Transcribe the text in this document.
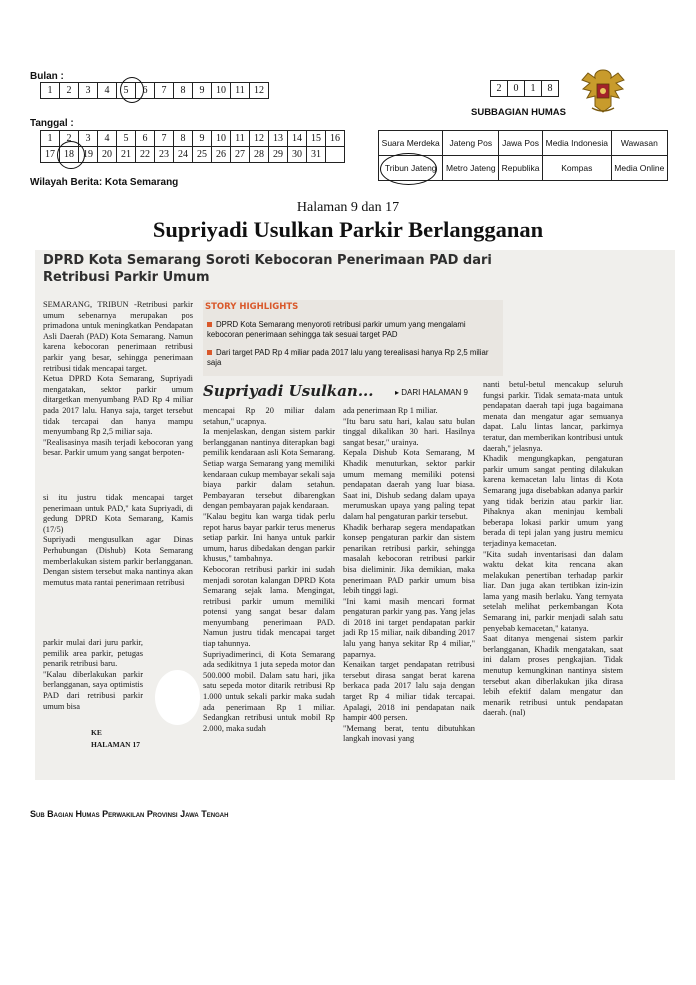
Bulan :
1	2	3	4	5	6	7	8	9	10	11	12
Tanggal :
1	2	3	4	5	6	7	8	9	10	11	12	13	14	15	16
17	18	19	20	21	22	23	24	25	26	27	28	29	30	31	
Wilayah Berita: Kota Semarang
2	0	1	8
SUBBAGIAN HUMAS
Suara Merdeka	Jateng Pos	Jawa Pos	Media Indonesia	Wawasan
Tribun Jateng	Metro Jateng	Republika	Kompas	Media Online
Halaman 9 dan 17
Supriyadi Usulkan Parkir Berlangganan
DPRD Kota Semarang Soroti Kebocoran Penerimaan PAD dari Retribusi Parkir Umum
SEMARANG, TRIBUN -Retribusi parkir umum sebenarnya merupakan pos primadona untuk meningkatkan Pendapatan Asli Daerah (PAD) Kota Semarang. Namun karena kebocoran penerimaan retribusi parkir yang besar, sehingga penerimaan retribusi tidak mencapai target.
Ketua DPRD Kota Semarang, Supriyadi mengatakan, sektor parkir umum ditargetkan menyumbang PAD Rp 4 miliar pada 2017 lalu. Hanya saja, target tersebut tidak tercapai dan hanya mampu menyumbang Rp 2,5 miliar saja.
"Realisasinya masih terjadi kebocoran yang besar. Parkir umum yang sangat berpoten-
si itu justru tidak mencapai target penerimaan untuk PAD," kata Supriyadi, di gedung DPRD Kota Semarang, Kamis (17/5)
Supriyadi mengusulkan agar Dinas Perhubungan (Dishub) Kota Semarang memberlakukan sistem parkir berlangganan. Dengan sistem tersebut maka nantinya akan memutus mata rantai penerimaan retribusi
parkir mulai dari juru parkir, pemilik area parkir, petugas penarik retribusi baru.
"Kalau diberlakukan parkir berlangganan, saya optimistis PAD dari retribusi parkir umum bisa
KE
HALAMAN 17
STORY HIGHLIGHTS
DPRD Kota Semarang menyoroti retribusi parkir umum yang mengalami kebocoran penerimaan sehingga tak sesuai target PAD
Dari target PAD Rp 4 miliar pada 2017 lalu yang terealisasi hanya Rp 2,5 miliar saja
Supriyadi Usulkan...	▸ DARI HALAMAN 9
mencapai Rp 20 miliar dalam setahun," ucapnya.
Ia menjelaskan, dengan sistem parkir berlangganan nantinya diterapkan bagi pemilik kendaraan asli Kota Semarang. Setiap warga Semarang yang memiliki kendaraan cukup membayar sekali saja biaya parkir dalam setahun. Pembayaran tersebut dibarengkan dengan pembayaran pajak kendaraan.
"Kalau begitu kan warga tidak perlu repot harus bayar parkir terus menerus setiap parkir. Ini hanya untuk parkir umum, harus dibedakan dengan parkir khusus," tambahnya.
Kebocoran retribusi parkir ini sudah menjadi sorotan kalangan DPRD Kota Semarang sejak lama. Mengingat, retribusi parkir umum memiliki potensi yang sangat besar dalam menyumbang penerimaan PAD. Namun justru tidak mencapai target tiap tahunnya.
Supriyadimerinci, di Kota Semarang ada sedikitnya 1 juta sepeda motor dan 500.000 mobil. Dalam satu hari, jika satu sepeda motor ditarik retribusi Rp 1.000 untuk sekali parkir maka sudah ada penerimaan Rp 1 miliar. Sedangkan retribusi untuk mobil Rp 2.000, maka sudah
ada penerimaan Rp 1 miliar.
"Itu baru satu hari, kalau satu bulan tinggal dikalikan 30 hari. Hasilnya sangat besar," urainya.
Kepala Dishub Kota Semarang, M Khadik menuturkan, sektor parkir umum memang memiliki potensi pendapatan daerah yang luar biasa. Saat ini, Dishub sedang dalam upaya merumuskan upaya yang paling tepat dalam hal pengaturan parkir tersebut.
Khadik berharap segera mendapatkan konsep pengaturan parkir dan sistem penarikan retribusi parkir, sehingga masalah kebocoran retribusi parkir bisa dieliminir. Jika demikian, maka penerimaan PAD parkir umum bisa lebih tinggi lagi.
"Ini kami masih mencari format pengaturan parkir yang pas. Yang jelas di 2018 ini target pendapatan parkir jadi Rp 15 miliar, naik dibanding 2017 lalu yang hanya sekitar Rp 4 miliar," paparnya.
Kenaikan target pendapatan retribusi tersebut dirasa sangat berat karena berkaca pada 2017 lalu saja dengan target Rp 4 miliar tidak tercapai. Apalagi, 2018 ini pendapatan naik hampir 400 persen.
"Memang berat, tentu dibutuhkan langkah inovasi yang
nanti betul-betul mencakup seluruh fungsi parkir. Tidak semata-mata untuk pendapatan daerah tapi juga bagaimana menata dan mengatur agar semuanya dapat. Lalu lintas lancar, parkirnya teratur, dan memberikan kontribusi untuk daerah," jelasnya.
Khadik mengungkapkan, pengaturan parkir umum sangat penting dilakukan karena kemacetan lalu lintas di Kota Semarang juga disebabkan adanya parkir yang tidak berizin atau parkir liar. Pihaknya akan meninjau kembali beberapa lokasi parkir umum yang berada di tepi jalan yang justru memicu terjadinya kemacetan.
"Kita sudah inventarisasi dan dalam waktu dekat kita rencana akan melakukan penertiban terhadap parkir liar. Dan juga akan tertibkan izin-izin lama yang masih berlaku. Yang ternyata setelah melihat perkembangan Kota Semarang ini, parkir menjadi salah satu penyebab kemacetan," katanya.
Saat ditanya mengenai sistem parkir berlangganan, Khadik mengatakan, saat ini dalam proses pengkajian. Tidak menutup kemungkinan nantinya sistem tersebut akan diberlakukan jika dirasa lebih efektif dalam mengatur dan menarik retribusi untuk pendapatan daerah. (nal)
Sub Bagian Humas Perwakilan Provinsi Jawa Tengah
